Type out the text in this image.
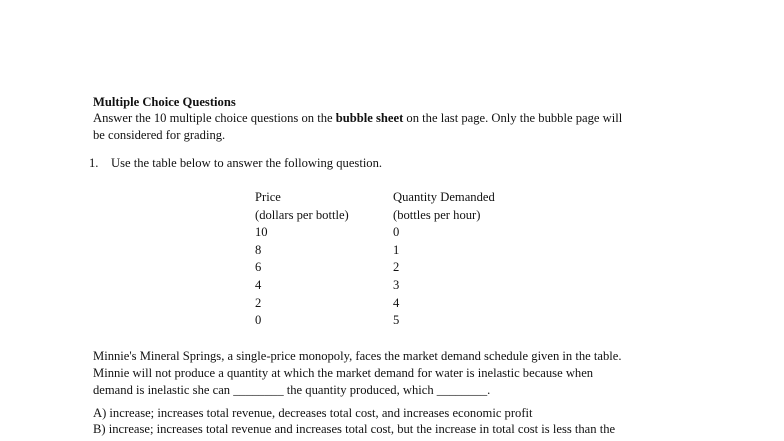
Multiple Choice Questions
Answer the 10 multiple choice questions on the bubble sheet on the last page. Only the bubble page will
be considered for grading.
1. Use the table below to answer the following question.
Price
(dollars per bottle)
10
8
6
4
2
0
Quantity Demanded
(bottles per hour)
0
1
2
3
4
5
Minnie's Mineral Springs, a single-price monopoly, faces the market demand schedule given in the table.
Minnie will not produce a quantity at which the market demand for water is inelastic because when
demand is inelastic she can ________ the quantity produced, which ________.
A) increase; increases total revenue, decreases total cost, and increases economic profit
B) increase; increases total revenue and increases total cost, but the increase in total cost is less than the
